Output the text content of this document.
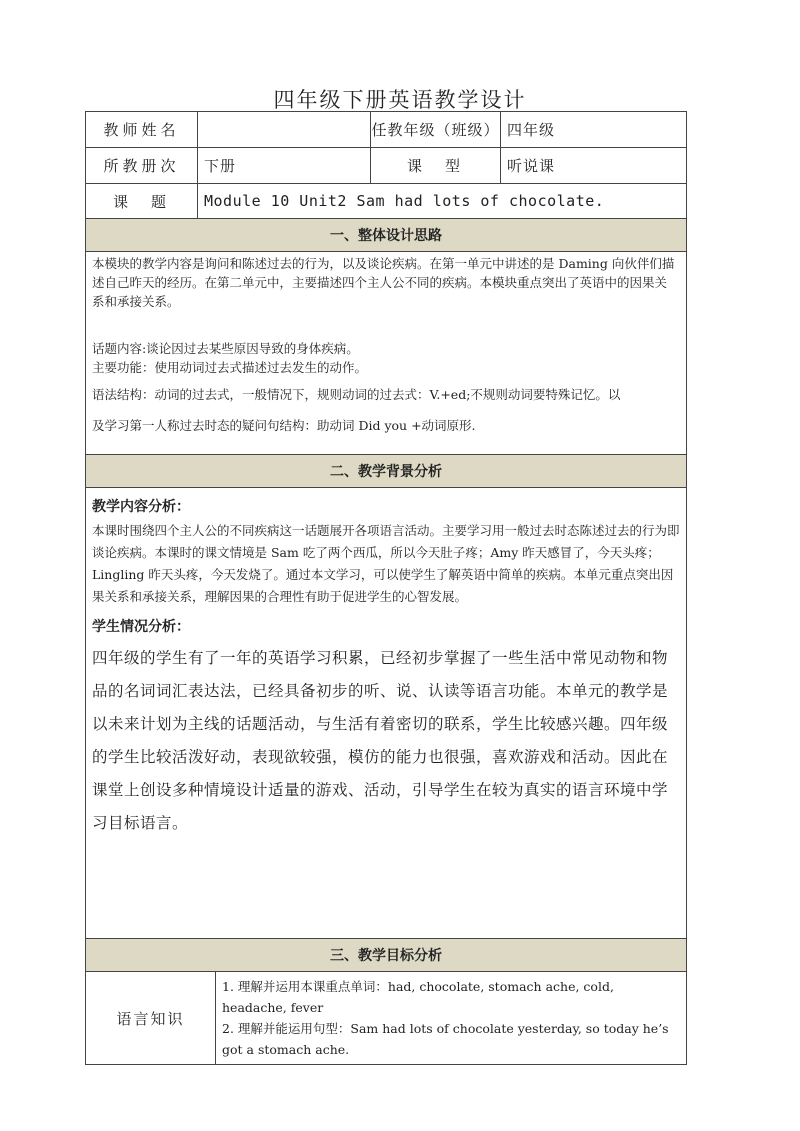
四年级下册英语教学设计
教师姓名			任教年级（班级）	四年级
所教册次	下册		课　型	听说课
课　题	Module 10 Unit2 Sam had lots of chocolate.			
一、整体设计思路				

本模块的教学内容是询问和陈述过去的行为，以及谈论疾病。在第一单元中讲述的是 Daming 向伙伴们描述自己昨天的经历。在第二单元中，主要描述四个主人公不同的疾病。本模块重点突出了英语中的因果关系和承接关系。

话题内容:谈论因过去某些原因导致的身体疾病。

主要功能：使用动词过去式描述过去发生的动作。

语法结构：动词的过去式，一般情况下，规则动词的过去式：V.+ed;不规则动词要特殊记忆。以

及学习第一人称过去时态的疑问句结构：助动词 Did you +动词原形.				

二、教学背景分析				

教学内容分析：

本课时围绕四个主人公的不同疾病这一话题展开各项语言活动。主要学习用一般过去时态陈述过去的行为即谈论疾病。本课时的课文情境是 Sam 吃了两个西瓜，所以今天肚子疼；Amy 昨天感冒了，今天头疼；Lingling 昨天头疼，今天发烧了。通过本文学习，可以使学生了解英语中简单的疾病。本单元重点突出因果关系和承接关系，理解因果的合理性有助于促进学生的心智发展。

学生情况分析：

四年级的学生有了一年的英语学习积累，已经初步掌握了一些生活中常见动物和物品的名词词汇表达法，已经具备初步的听、说、认读等语言功能。本单元的教学是以未来计划为主线的话题活动，与生活有着密切的联系，学生比较感兴趣。四年级的学生比较活泼好动，表现欲较强，模仿的能力也很强，喜欢游戏和活动。因此在课堂上创设多种情境设计适量的游戏、活动，引导学生在较为真实的语言环境中学习目标语言。				

三、教学目标分析				
语言知识		1. 理解并运用本课重点单词：had, chocolate, stomach ache, cold, headache, fever

2. 理解并能运用句型：Sam had lots of chocolate yesterday, so today he’s got a stomach ache.		
